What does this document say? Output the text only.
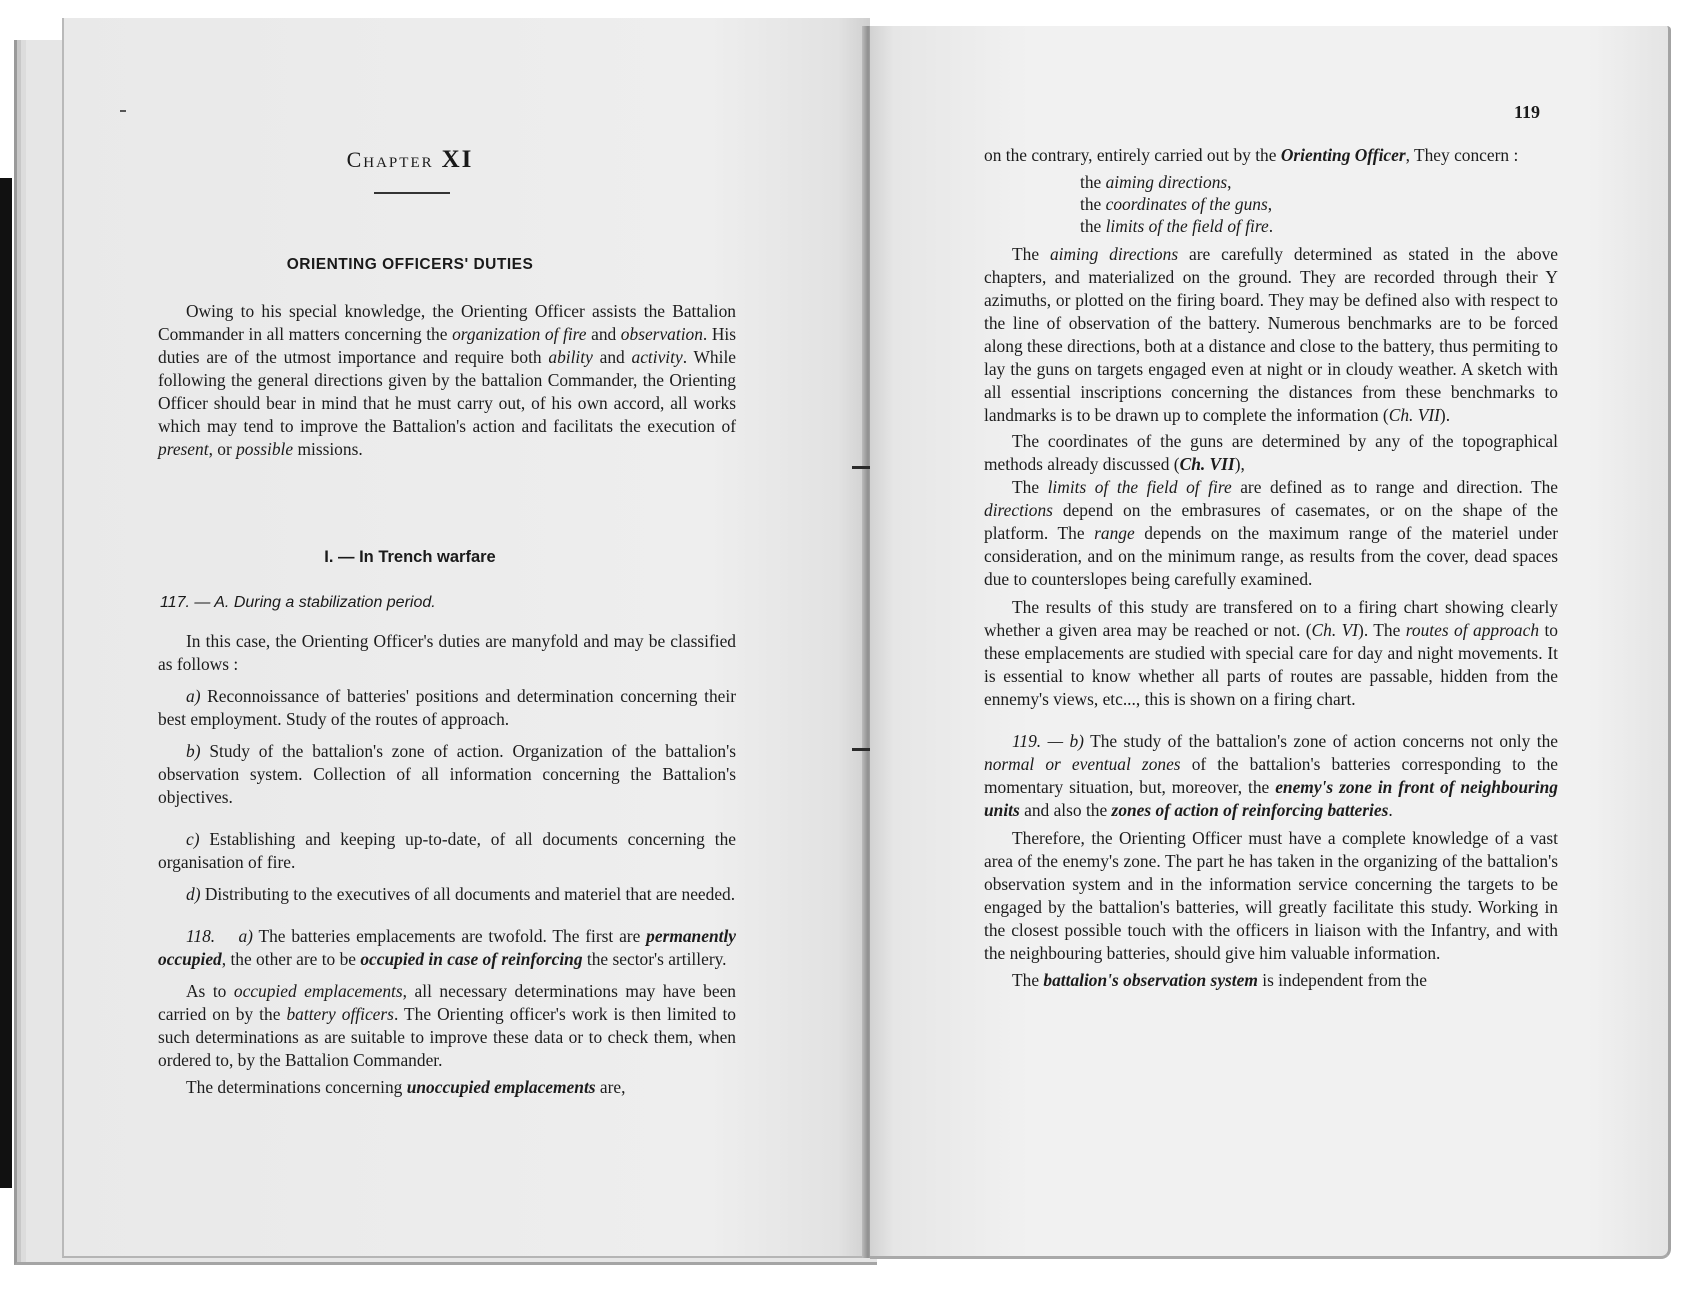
Chapter XI
ORIENTING OFFICERS' DUTIES

Owing to his special knowledge, the Orienting Officer assists the Battalion Commander in all matters concerning the organization of fire and observation. His duties are of the utmost importance and require both ability and activity. While following the general directions given by the battalion Commander, the Orienting Officer should bear in mind that he must carry out, of his own accord, all works which may tend to improve the Battalion's action and facilitats the execution of present, or possible missions.

I. — In Trench warfare
117. — A. During a stabilization period.

In this case, the Orienting Officer's duties are manyfold and may be classified as follows :

a) Reconnoissance of batteries' positions and determination concerning their best employment. Study of the routes of approach.

b) Study of the battalion's zone of action. Organization of the battalion's observation system. Collection of all information concerning the Battalion's objectives.

c) Establishing and keeping up-to-date, of all documents concerning the organisation of fire.

d) Distributing to the executives of all documents and materiel that are needed.

118. a) The batteries emplacements are twofold. The first are permanently occupied, the other are to be occupied in case of reinforcing the sector's artillery.

As to occupied emplacements, all necessary determinations may have been carried on by the battery officers. The Orienting officer's work is then limited to such determinations as are suitable to improve these data or to check them, when ordered to, by the Battalion Commander.

The determinations concerning unoccupied emplacements are,

119

on the contrary, entirely carried out by the Orienting Officer, They concern :

the aiming directions,
the coordinates of the guns,
the limits of the field of fire.

The aiming directions are carefully determined as stated in the above chapters, and materialized on the ground. They are recorded through their Y azimuths, or plotted on the firing board. They may be defined also with respect to the line of observation of the battery. Numerous benchmarks are to be forced along these directions, both at a distance and close to the battery, thus permiting to lay the guns on targets engaged even at night or in cloudy weather. A sketch with all essential inscriptions concerning the distances from these benchmarks to landmarks is to be drawn up to complete the information (Ch. VII).

The coordinates of the guns are determined by any of the topographical methods already discussed (Ch. VII),

The limits of the field of fire are defined as to range and direction. The directions depend on the embrasures of casemates, or on the shape of the platform. The range depends on the maximum range of the materiel under consideration, and on the minimum range, as results from the cover, dead spaces due to counterslopes being carefully examined.

The results of this study are transfered on to a firing chart showing clearly whether a given area may be reached or not. (Ch. VI). The routes of approach to these emplacements are studied with special care for day and night movements. It is essential to know whether all parts of routes are passable, hidden from the ennemy's views, etc..., this is shown on a firing chart.

119. — b) The study of the battalion's zone of action concerns not only the normal or eventual zones of the battalion's batteries corresponding to the momentary situation, but, moreover, the enemy's zone in front of neighbouring units and also the zones of action of reinforcing batteries.

Therefore, the Orienting Officer must have a complete knowledge of a vast area of the enemy's zone. The part he has taken in the organizing of the battalion's observation system and in the information service concerning the targets to be engaged by the battalion's batteries, will greatly facilitate this study. Working in the closest possible touch with the officers in liaison with the Infantry, and with the neighbouring batteries, should give him valuable information.

The battalion's observation system is independent from the
